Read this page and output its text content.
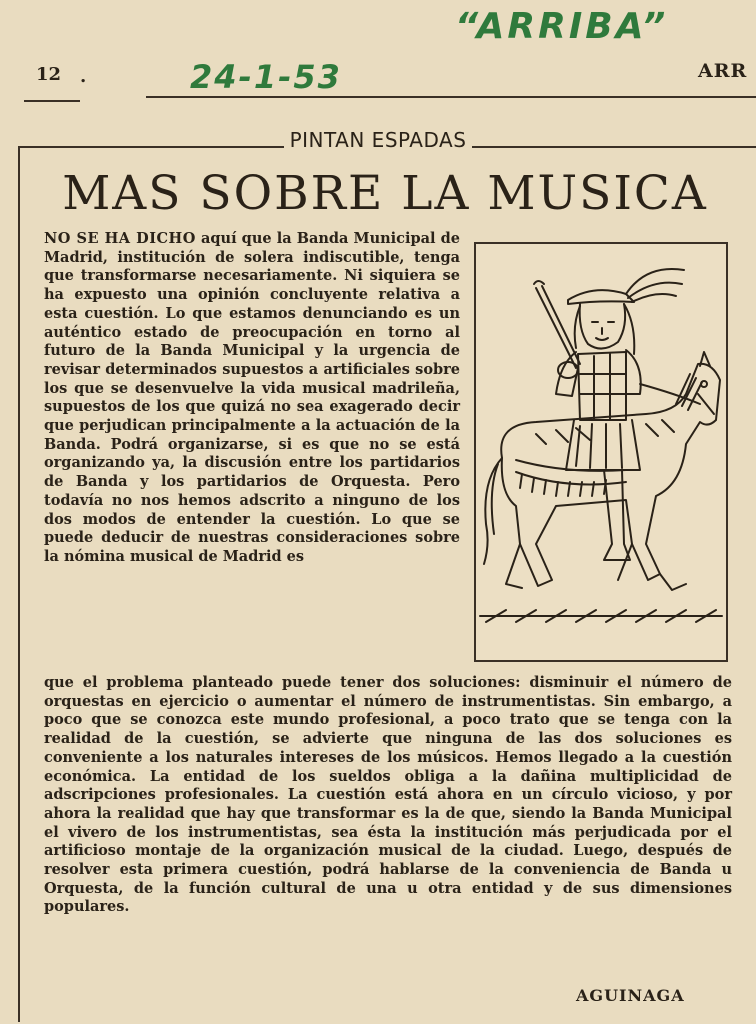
“ARRIBA”
24-1-53
12 .	ARR
PINTAN ESPADAS
MAS SOBRE LA MUSICA

NO SE HA DICHO aquí que la Banda Municipal de Madrid, institución de solera indiscutible, tenga que transformarse necesariamente. Ni siquiera se ha expuesto una opinión concluyente relativa a esta cuestión. Lo que estamos denunciando es un auténtico estado de preocupación en torno al futuro de la Banda Municipal y la urgencia de revisar determinados supuestos a artificiales sobre los que se desenvuelve la vida musical madrileña, supuestos de los que quizá no sea exagerado decir que perjudican principalmente a la actuación de la Banda. Podrá organizarse, si es que no se está organizando ya, la discusión entre los partidarios de Banda y los partidarios de Orquesta. Pero todavía no nos hemos adscrito a ninguno de los dos modos de entender la cuestión. Lo que se puede deducir de nuestras consideraciones sobre la nómina musical de Madrid es

que el problema planteado puede tener dos soluciones: disminuir el número de orquestas en ejercicio o aumentar el número de instrumentistas. Sin embargo, a poco que se conozca este mundo profesional, a poco trato que se tenga con la realidad de la cuestión, se advierte que ninguna de las dos soluciones es conveniente a los naturales intereses de los músicos. Hemos llegado a la cuestión económica. La entidad de los sueldos obliga a la dañina multiplicidad de adscripciones profesionales. La cuestión está ahora en un círculo vicioso, y por ahora la realidad que hay que transformar es la de que, siendo la Banda Municipal el vivero de los instrumentistas, sea ésta la institución más perjudicada por el artificioso montaje de la organización musical de la ciudad. Luego, después de resolver esta primera cuestión, podrá hablarse de la conveniencia de Banda u Orquesta, de la función cultural de una u otra entidad y de sus dimensiones populares.

AGUINAGA
